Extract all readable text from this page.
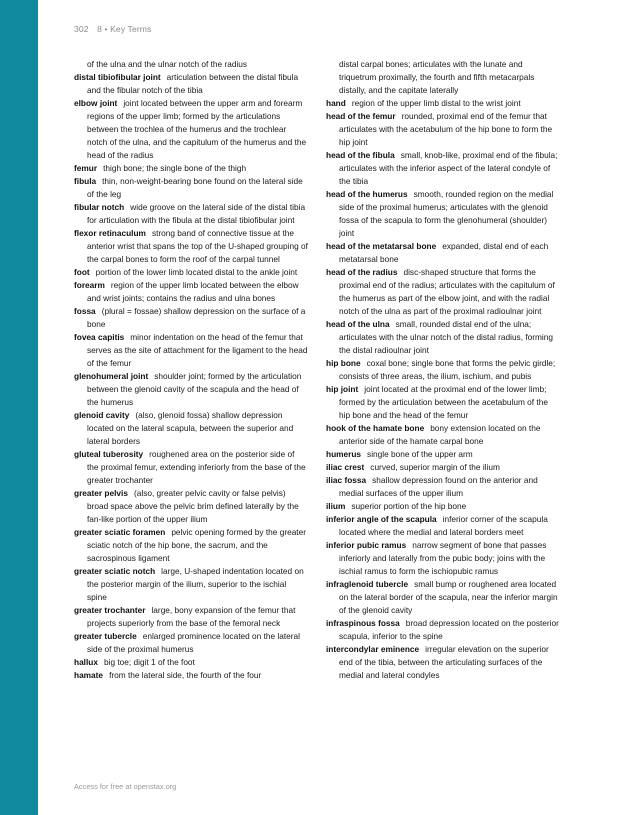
302 8 • Key Terms

of the ulna and the ulnar notch of the radius

distal tibiofibular joint articulation between the distal fibula and the fibular notch of the tibia

elbow joint joint located between the upper arm and forearm regions of the upper limb; formed by the articulations between the trochlea of the humerus and the trochlear notch of the ulna, and the capitulum of the humerus and the head of the radius

femur thigh bone; the single bone of the thigh

fibula thin, non-weight-bearing bone found on the lateral side of the leg

fibular notch wide groove on the lateral side of the distal tibia for articulation with the fibula at the distal tibiofibular joint

flexor retinaculum strong band of connective tissue at the anterior wrist that spans the top of the U-shaped grouping of the carpal bones to form the roof of the carpal tunnel

foot portion of the lower limb located distal to the ankle joint

forearm region of the upper limb located between the elbow and wrist joints; contains the radius and ulna bones

fossa (plural = fossae) shallow depression on the surface of a bone

fovea capitis minor indentation on the head of the femur that serves as the site of attachment for the ligament to the head of the femur

glenohumeral joint shoulder joint; formed by the articulation between the glenoid cavity of the scapula and the head of the humerus

glenoid cavity (also, glenoid fossa) shallow depression located on the lateral scapula, between the superior and lateral borders

gluteal tuberosity roughened area on the posterior side of the proximal femur, extending inferiorly from the base of the greater trochanter

greater pelvis (also, greater pelvic cavity or false pelvis) broad space above the pelvic brim defined laterally by the fan-like portion of the upper ilium

greater sciatic foramen pelvic opening formed by the greater sciatic notch of the hip bone, the sacrum, and the sacrospinous ligament

greater sciatic notch large, U-shaped indentation located on the posterior margin of the ilium, superior to the ischial spine

greater trochanter large, bony expansion of the femur that projects superiorly from the base of the femoral neck

greater tubercle enlarged prominence located on the lateral side of the proximal humerus

hallux big toe; digit 1 of the foot

hamate from the lateral side, the fourth of the four

distal carpal bones; articulates with the lunate and triquetrum proximally, the fourth and fifth metacarpals distally, and the capitate laterally

hand region of the upper limb distal to the wrist joint

head of the femur rounded, proximal end of the femur that articulates with the acetabulum of the hip bone to form the hip joint

head of the fibula small, knob-like, proximal end of the fibula; articulates with the inferior aspect of the lateral condyle of the tibia

head of the humerus smooth, rounded region on the medial side of the proximal humerus; articulates with the glenoid fossa of the scapula to form the glenohumeral (shoulder) joint

head of the metatarsal bone expanded, distal end of each metatarsal bone

head of the radius disc-shaped structure that forms the proximal end of the radius; articulates with the capitulum of the humerus as part of the elbow joint, and with the radial notch of the ulna as part of the proximal radioulnar joint

head of the ulna small, rounded distal end of the ulna; articulates with the ulnar notch of the distal radius, forming the distal radioulnar joint

hip bone coxal bone; single bone that forms the pelvic girdle; consists of three areas, the ilium, ischium, and pubis

hip joint joint located at the proximal end of the lower limb; formed by the articulation between the acetabulum of the hip bone and the head of the femur

hook of the hamate bone bony extension located on the anterior side of the hamate carpal bone

humerus single bone of the upper arm

iliac crest curved, superior margin of the ilium

iliac fossa shallow depression found on the anterior and medial surfaces of the upper ilium

ilium superior portion of the hip bone

inferior angle of the scapula inferior corner of the scapula located where the medial and lateral borders meet

inferior pubic ramus narrow segment of bone that passes inferiorly and laterally from the pubic body; joins with the ischial ramus to form the ischiopubic ramus

infraglenoid tubercle small bump or roughened area located on the lateral border of the scapula, near the inferior margin of the glenoid cavity

infraspinous fossa broad depression located on the posterior scapula, inferior to the spine

intercondylar eminence irregular elevation on the superior end of the tibia, between the articulating surfaces of the medial and lateral condyles

Access for free at openstax.org
